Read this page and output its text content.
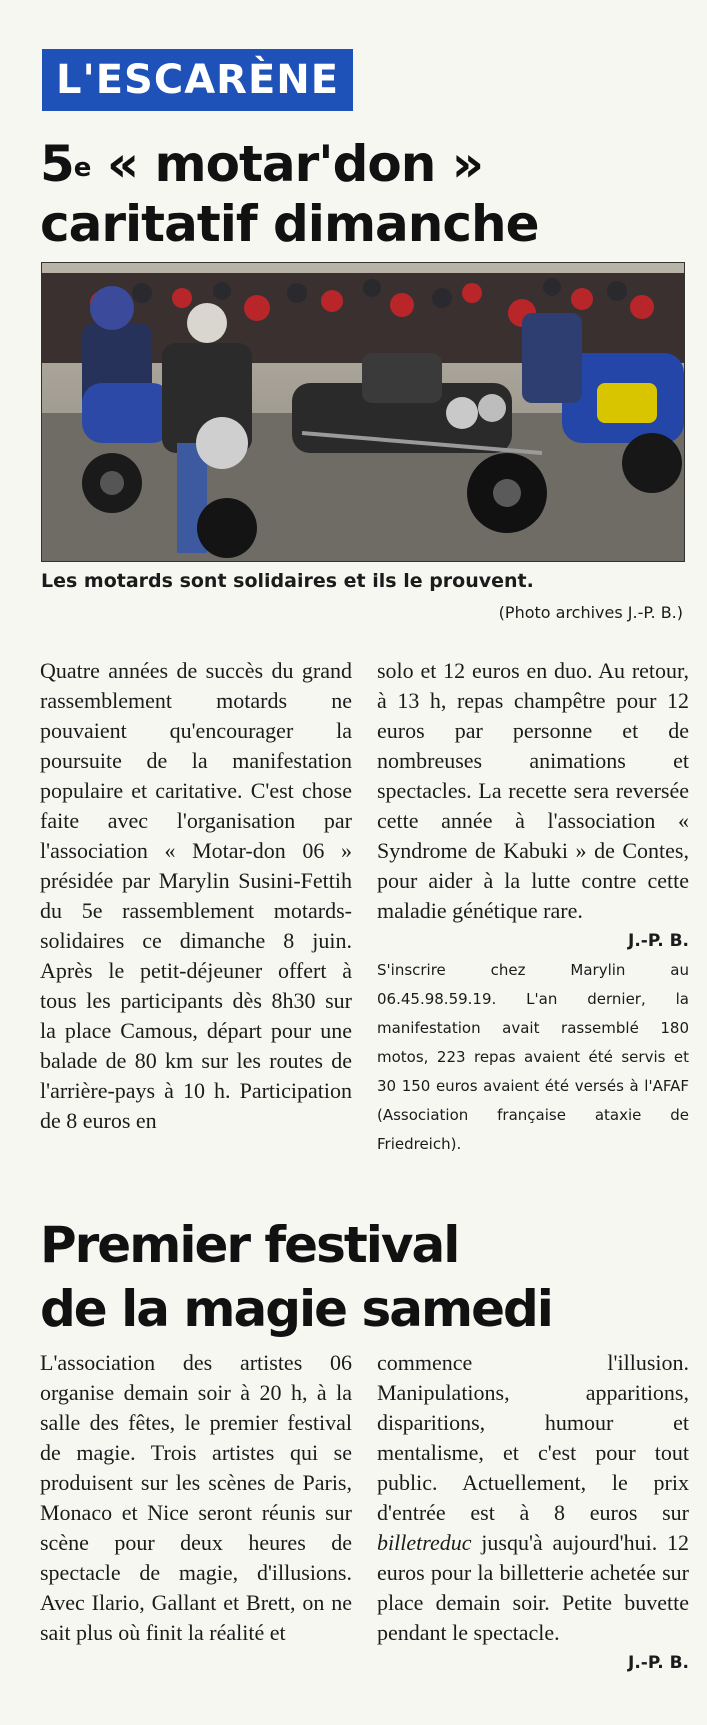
L'ESCARÈNE
5e « motar'don »
caritatif dimanche
Les motards sont solidaires et ils le prouvent.
(Photo archives J.-P. B.)

Quatre années de succès du grand rassemblement motards ne pouvaient qu'encourager la poursuite de la manifestation populaire et caritative. C'est chose faite avec l'organisation par l'association « Motar-don 06 » présidée par Marylin Susini-Fettih du 5e rassemblement motards-solidaires ce dimanche 8 juin. Après le petit-déjeuner offert à tous les participants dès 8h30 sur la place Camous, départ pour une balade de 80 km sur les routes de l'arrière-pays à 10 h. Participation de 8 euros en

solo et 12 euros en duo. Au retour, à 13 h, repas champêtre pour 12 euros par personne et de nombreuses animations et spectacles. La recette sera reversée cette année à l'association « Syndrome de Kabuki » de Contes, pour aider à la lutte contre cette maladie génétique rare.

J.-P. B.

S'inscrire chez Marylin au 06.45.98.59.19. L'an dernier, la manifestation avait rassemblé 180 motos, 223 repas avaient été servis et 30 150 euros avaient été versés à l'AFAF (Association française ataxie de Friedreich).

Premier festival
de la magie samedi

L'association des artistes 06 organise demain soir à 20 h, à la salle des fêtes, le premier festival de magie. Trois artistes qui se produisent sur les scènes de Paris, Monaco et Nice seront réunis sur scène pour deux heures de spectacle de magie, d'illusions. Avec Ilario, Gallant et Brett, on ne sait plus où finit la réalité et

commence l'illusion. Manipulations, apparitions, disparitions, humour et mentalisme, et c'est pour tout public. Actuellement, le prix d'entrée est à 8 euros sur billetreduc jusqu'à aujourd'hui. 12 euros pour la billetterie achetée sur place demain soir. Petite buvette pendant le spectacle.

J.-P. B.
